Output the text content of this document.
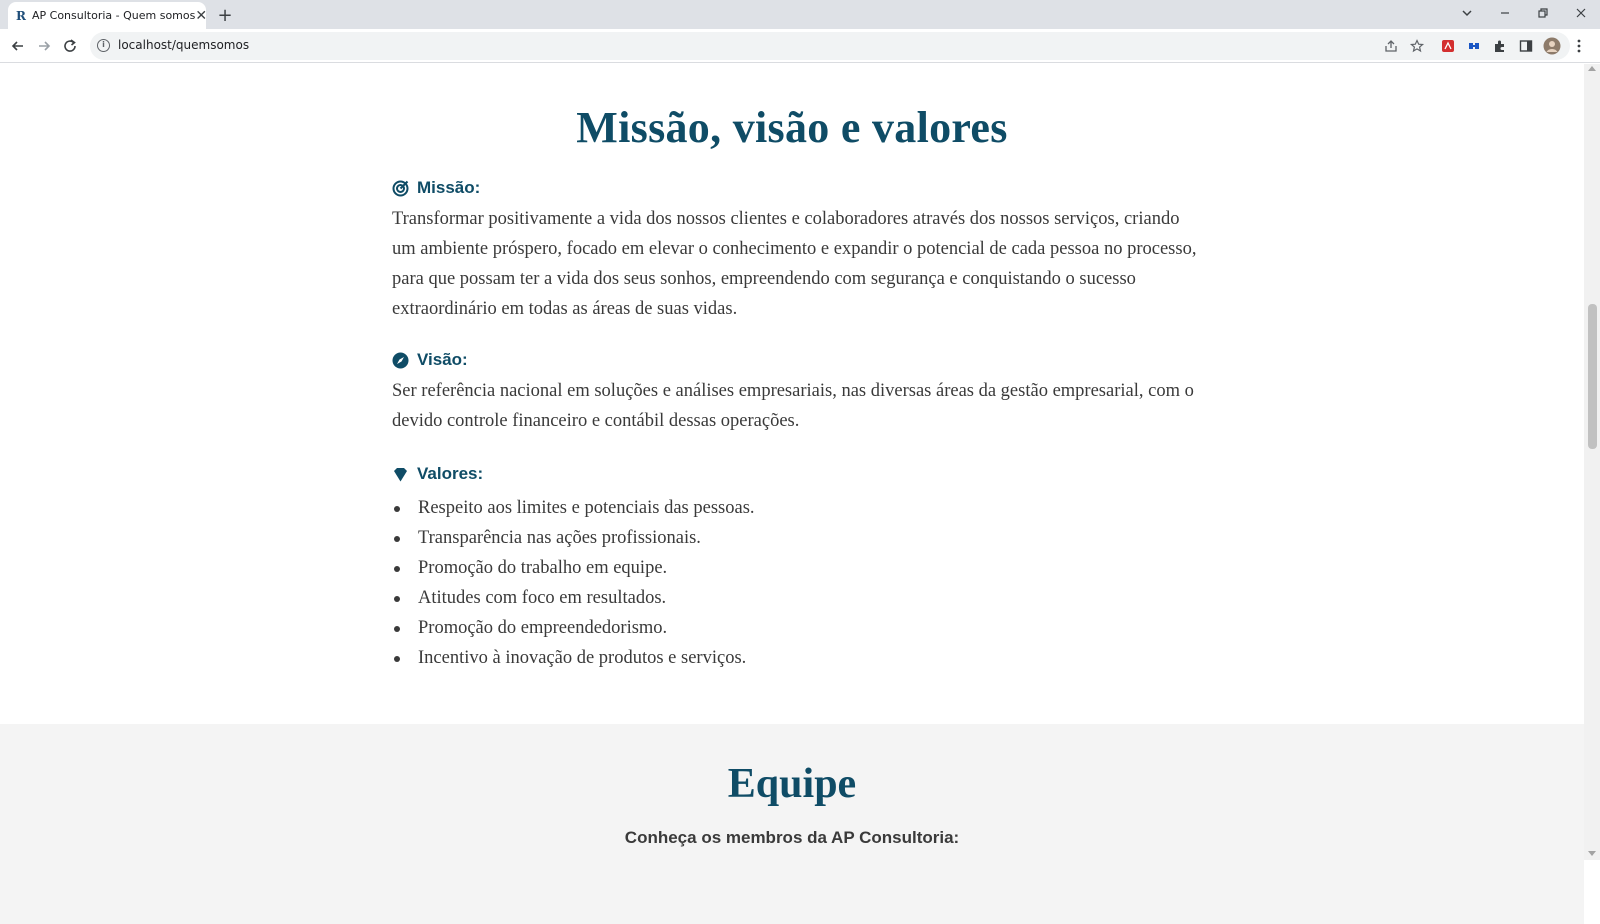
R AP Consultoria - Quem somos ✕ +
i	localhost/quemsomos
Missão, visão e valores
Missão:

Transformar positivamente a vida dos nossos clientes e colaboradores através dos nossos serviços, criando um ambiente próspero, focado em elevar o conhecimento e expandir o potencial de cada pessoa no processo, para que possam ter a vida dos seus sonhos, empreendendo com segurança e conquistando o sucesso extraordinário em todas as áreas de suas vidas.

Visão:

Ser referência nacional em soluções e análises empresariais, nas diversas áreas da gestão empresarial, com o devido controle financeiro e contábil dessas operações.

Valores:
Respeito aos limites e potenciais das pessoas.
Transparência nas ações profissionais.
Promoção do trabalho em equipe.
Atitudes com foco em resultados.
Promoção do empreendedorismo.
Incentivo à inovação de produtos e serviços.
Equipe

Conheça os membros da AP Consultoria:
